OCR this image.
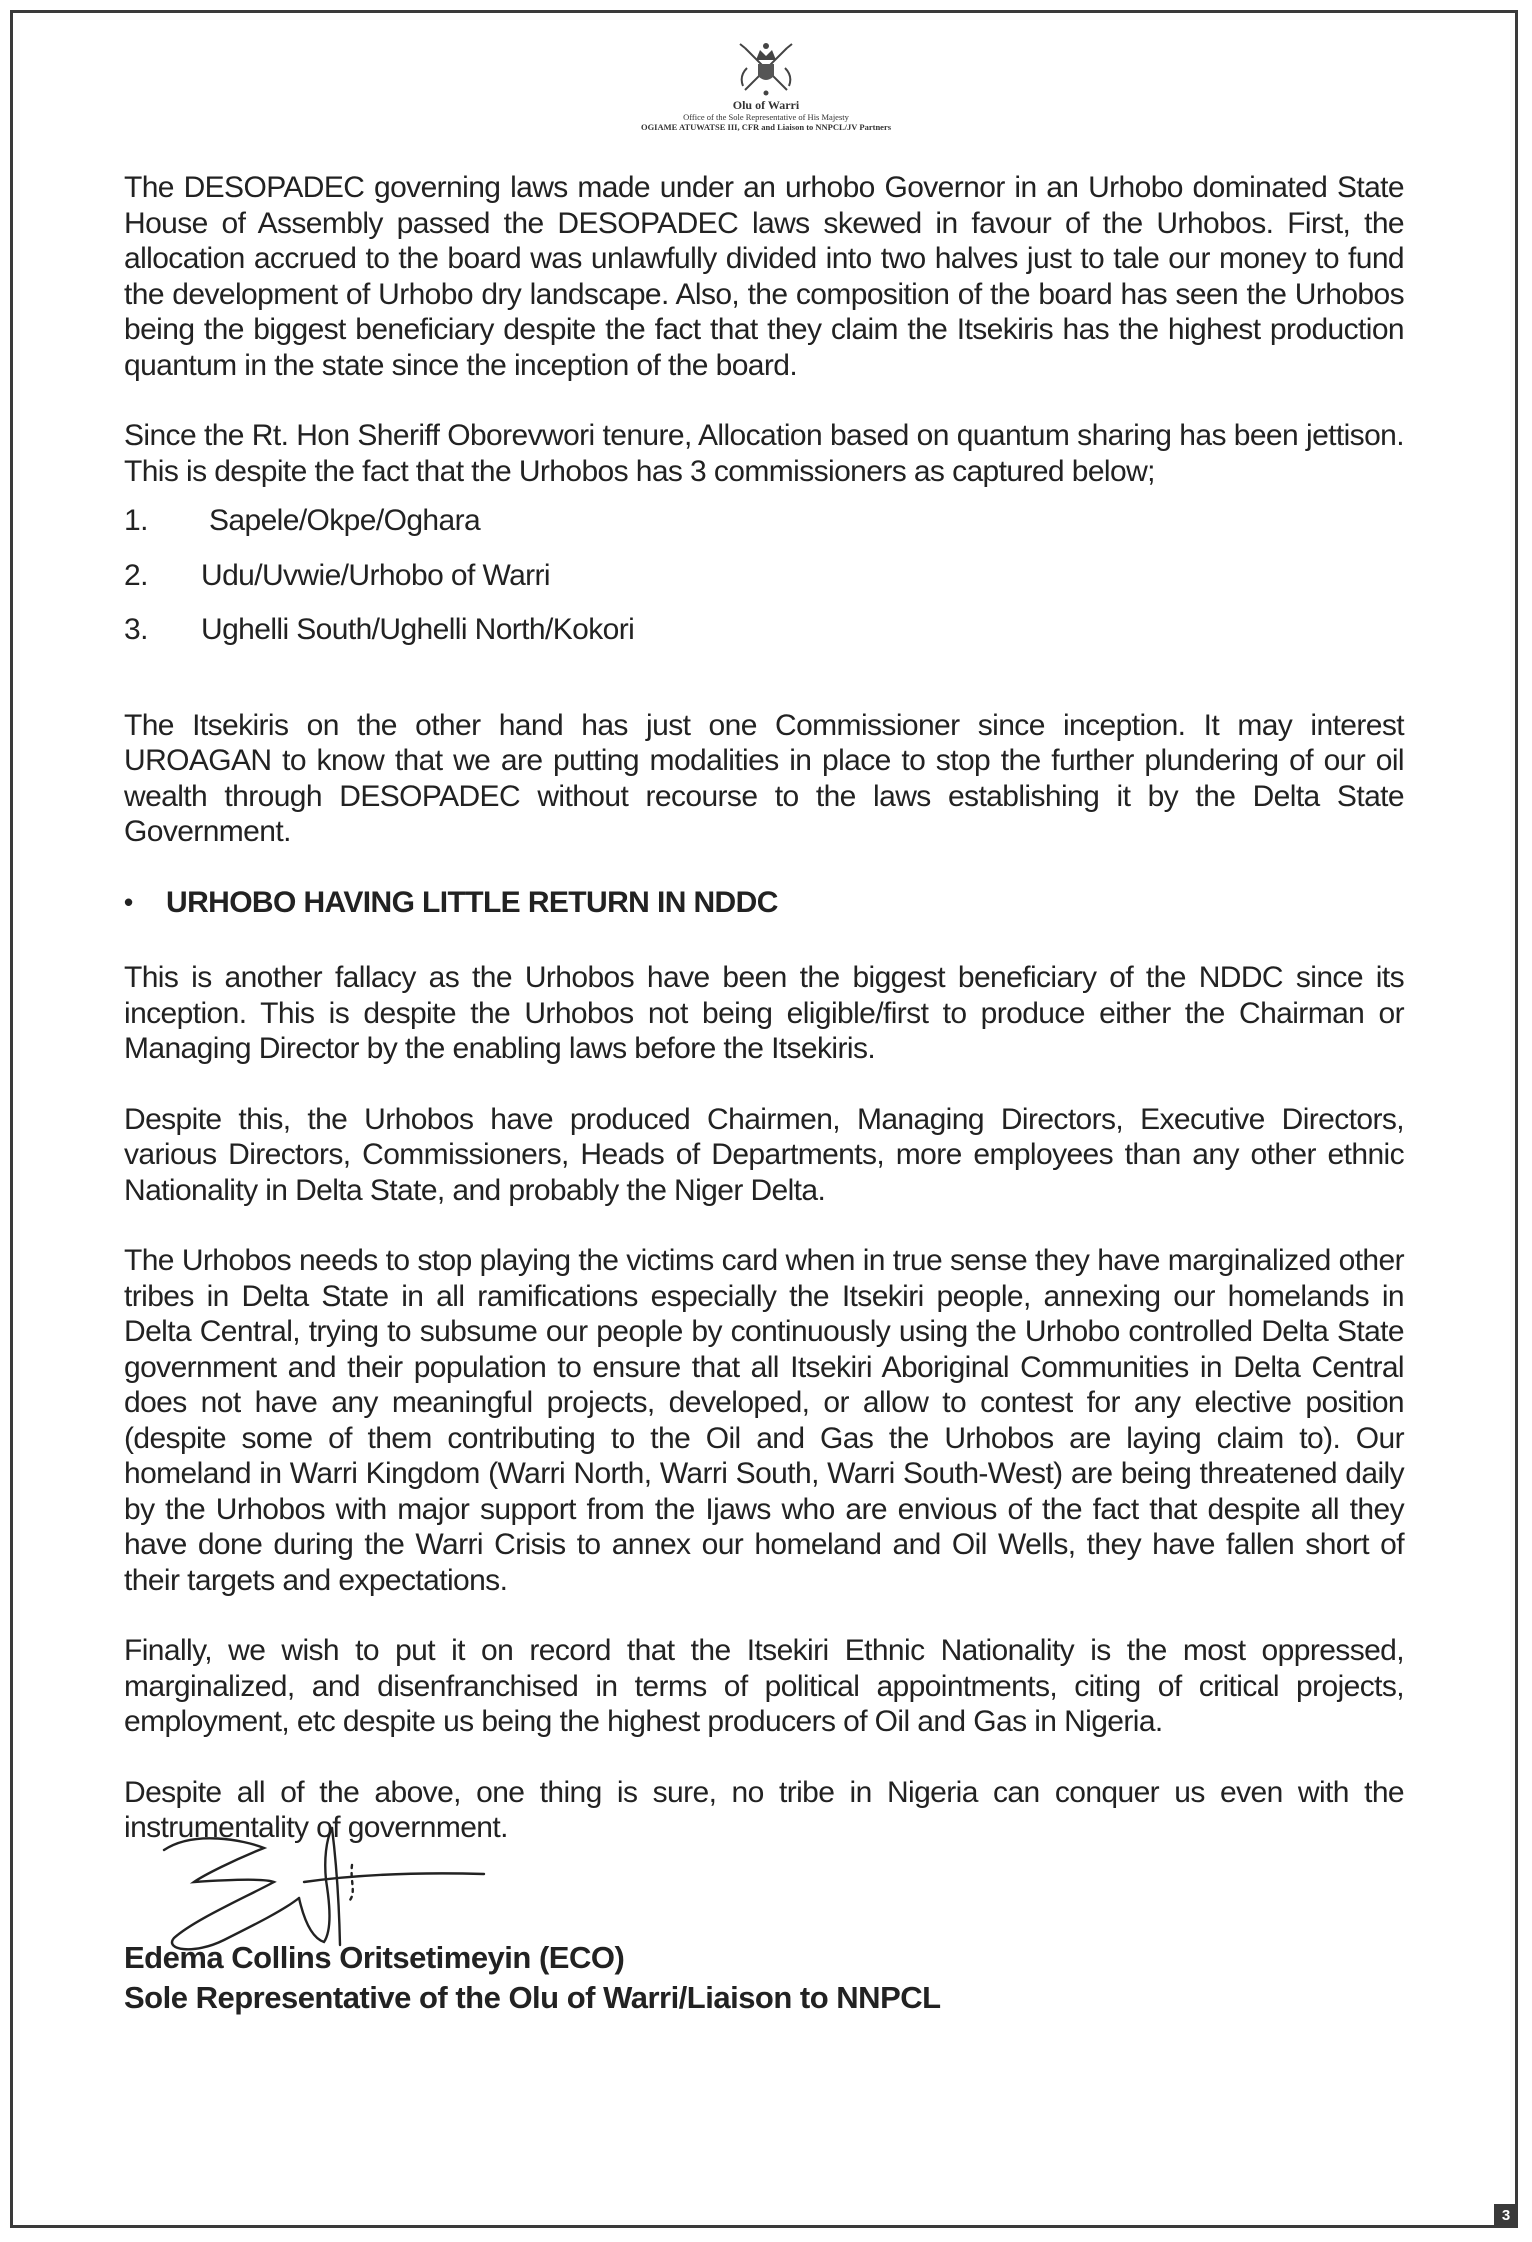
Olu of Warri
Office of the Sole Representative of His Majesty
OGIAME ATUWATSE III, CFR and Liaison to NNPCL/JV Partners

The DESOPADEC governing laws made under an urhobo Governor in an Urhobo dominated State House of Assembly passed the DESOPADEC laws skewed in favour of the Urhobos. First, the allocation accrued to the board was unlawfully divided into two halves just to tale our money to fund the development of Urhobo dry landscape. Also, the composition of the board has seen the Urhobos being the biggest beneficiary despite the fact that they claim the Itsekiris has the highest production quantum in the state since the inception of the board.

Since the Rt. Hon Sheriff Oborevwori tenure, Allocation based on quantum sharing has been jettison. This is despite the fact that the Urhobos has 3 commissioners as captured below;

1.	Sapele/Okpe/Oghara
2.	Udu/Uvwie/Urhobo of Warri
3.	Ughelli South/Ughelli North/Kokori

The Itsekiris on the other hand has just one Commissioner since inception. It may interest UROAGAN to know that we are putting modalities in place to stop the further plundering of our oil wealth through DESOPADEC without recourse to the laws establishing it by the Delta State Government.

•	URHOBO HAVING LITTLE RETURN IN NDDC

This is another fallacy as the Urhobos have been the biggest beneficiary of the NDDC since its inception. This is despite the Urhobos not being eligible/first to produce either the Chairman or Managing Director by the enabling laws before the Itsekiris.

Despite this, the Urhobos have produced Chairmen, Managing Directors, Executive Directors, various Directors, Commissioners, Heads of Departments, more employees than any other ethnic Nationality in Delta State, and probably the Niger Delta.

The Urhobos needs to stop playing the victims card when in true sense they have marginalized other tribes in Delta State in all ramifications especially the Itsekiri people, annexing our homelands in Delta Central, trying to subsume our people by continuously using the Urhobo controlled Delta State government and their population to ensure that all Itsekiri Aboriginal Communities in Delta Central does not have any meaningful projects, developed, or allow to contest for any elective position (despite some of them contributing to the Oil and Gas the Urhobos are laying claim to). Our homeland in Warri Kingdom (Warri North, Warri South, Warri South-West) are being threatened daily by the Urhobos with major support from the Ijaws who are envious of the fact that despite all they have done during the Warri Crisis to annex our homeland and Oil Wells, they have fallen short of their targets and expectations.

Finally, we wish to put it on record that the Itsekiri Ethnic Nationality is the most oppressed, marginalized, and disenfranchised in terms of political appointments, citing of critical projects, employment, etc despite us being the highest producers of Oil and Gas in Nigeria.

Despite all of the above, one thing is sure, no tribe in Nigeria can conquer us even with the instrumentality of government.

Edema Collins Oritsetimeyin (ECO)
Sole Representative of the Olu of Warri/Liaison to NNPCL
3
